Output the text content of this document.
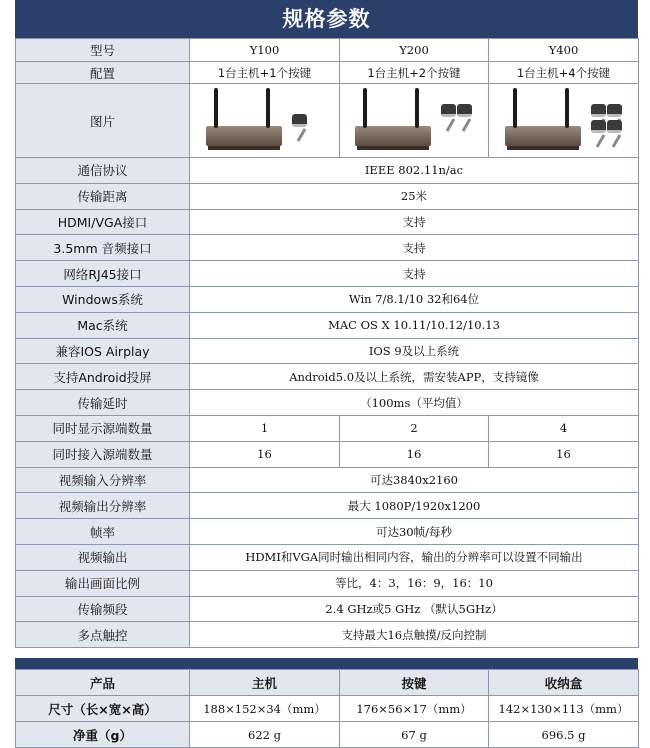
规格参数
型号	Y100	Y200	Y400
配置	1台主机+1个按键	1台主机+2个按键	1台主机+4个按键
图片	

通信协议	IEEE 802.11n/ac		
传输距离	25米		
HDMI/VGA接口	支持		
3.5mm 音频接口	支持		
网络RJ45接口	支持		
Windows系统	Win 7/8.1/10 32和64位		
Mac系统	MAC OS X 10.11/10.12/10.13		
兼容IOS Airplay	IOS 9及以上系统		
支持Android投屏	Android5.0及以上系统，需安装APP，支持镜像		
传输延时	（100ms（平均值）		
同时显示源端数量	1	2	4
同时接入源端数量	16	16	16
视频输入分辨率	可达3840x2160		
视频输出分辨率	最大 1080P/1920x1200		
帧率	可达30帧/每秒		
视频输出	HDMI和VGA同时输出相同内容，输出的分辨率可以设置不同输出		
输出画面比例	等比，4：3，16：9，16：10		
传输频段	2.4 GHz或5 GHz （默认5GHz）		
多点触控	支持最大16点触摸/反向控制		
产品	主机	按键	收纳盒
尺寸（长×宽×高）	188×152×34（mm）	176×56×17（mm）	142×130×113（mm）
净重（g）	622 g	67 g	696.5 g
